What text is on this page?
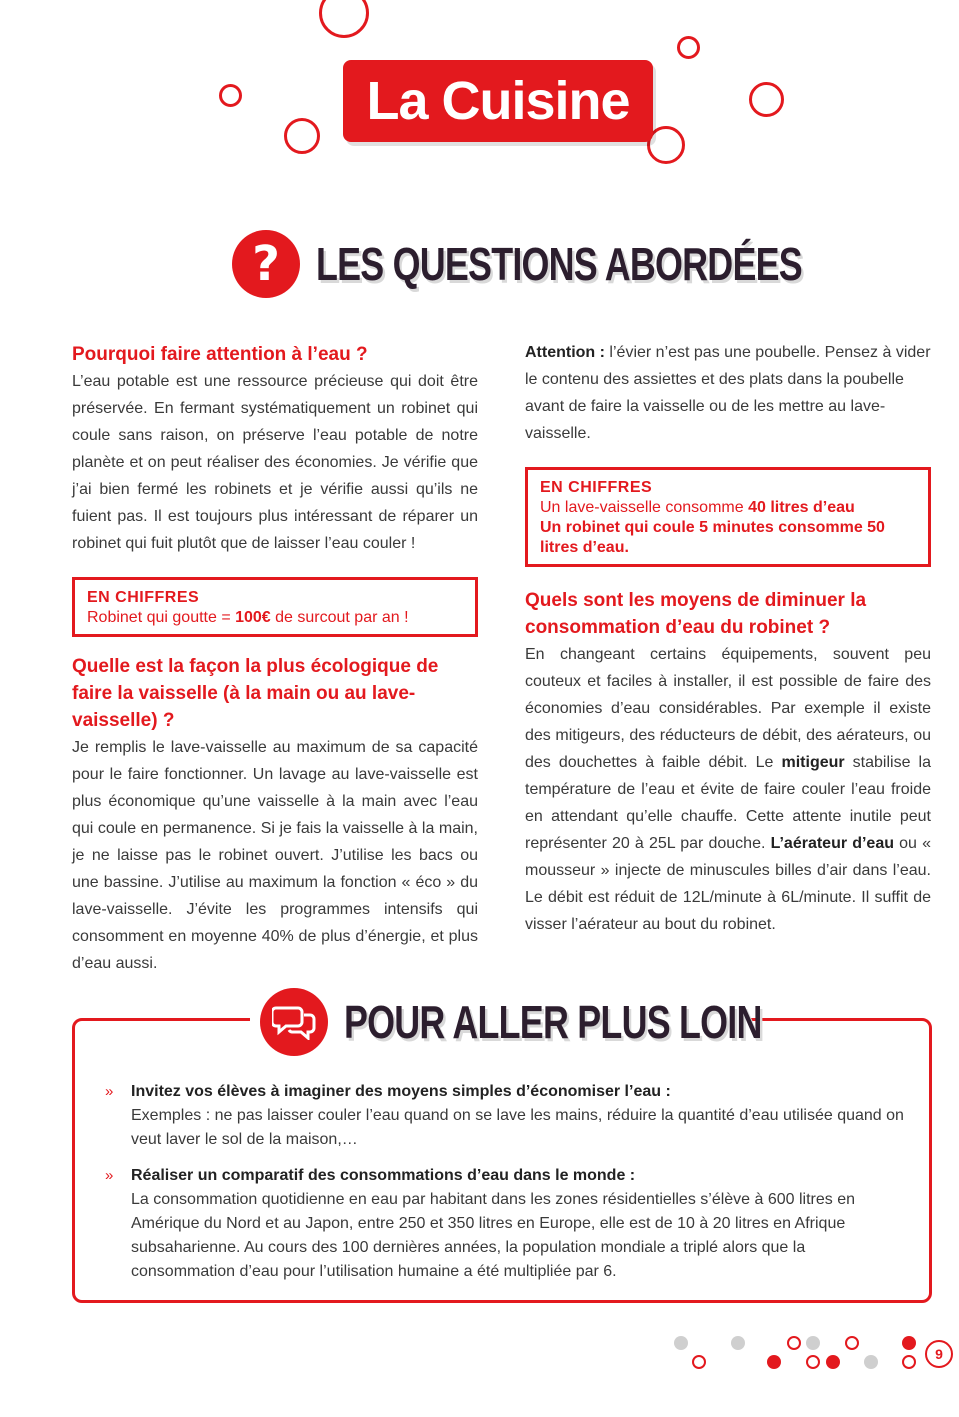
La Cuisine
? LES QUESTIONS ABORDÉES

Pourquoi faire attention à l’eau ?

L’eau potable est une ressource précieuse qui doit être préservée. En fermant systématiquement un robinet qui coule sans raison, on préserve l’eau potable de notre planète et on peut réaliser des économies. Je vérifie que j’ai bien fermé les robinets et je vérifie aussi qu’ils ne fuient pas. Il est toujours plus intéressant de réparer un robinet qui fuit plutôt que de laisser l’eau couler !

EN CHIFFRES
Robinet qui goutte = 100€ de surcout par an !

Quelle est la façon la plus écologique de faire la vaisselle (à la main ou au lave-vaisselle) ?

Je remplis le lave-vaisselle au maximum de sa capacité pour le faire fonctionner. Un lavage au lave-vaisselle est plus économique qu’une vaisselle à la main avec l’eau qui coule en permanence. Si je fais la vaisselle à la main, je ne laisse pas le robinet ouvert. J’utilise les bacs ou une bassine. J’utilise au maximum la fonction « éco » du lave-vaisselle. J’évite les programmes intensifs qui consomment en moyenne 40% de plus d’énergie, et plus d’eau aussi.

Attention : l’évier n’est pas une poubelle. Pensez à vider le contenu des assiettes et des plats dans la poubelle avant de faire la vaisselle ou de les mettre au lave-vaisselle.

EN CHIFFRES
Un lave-vaisselle consomme 40 litres d’eau
Un robinet qui coule 5 minutes consomme 50 litres d’eau.

Quels sont les moyens de diminuer la consommation d’eau du robinet ?

En changeant certains équipements, souvent peu couteux et faciles à installer, il est possible de faire des économies d’eau considérables. Par exemple il existe des mitigeurs, des réducteurs de débit, des aérateurs, ou des douchettes à faible débit. Le mitigeur stabilise la température de l’eau et évite de faire couler l’eau froide en attendant qu’elle chauffe. Cette attente inutile peut représenter 20 à 25L par douche. L’aérateur d’eau ou « mousseur » injecte de minuscules billes d’air dans l’eau. Le débit est réduit de 12L/minute à 6L/minute. Il suffit de visser l’aérateur au bout du robinet.

POUR ALLER PLUS LOIN
»	Invitez vos élèves à imaginer des moyens simples d’économiser l’eau :
Exemples : ne pas laisser couler l’eau quand on se lave les mains, réduire la quantité d’eau utilisée quand on veut laver le sol de la maison,…
»	Réaliser un comparatif des consommations d’eau dans le monde :
La consommation quotidienne en eau par habitant dans les zones résidentielles s’élève à 600 litres en Amérique du Nord et au Japon, entre 250 et 350 litres en Europe, elle est de 10 à 20 litres en Afrique subsaharienne. Au cours des 100 dernières années, la population mondiale a triplé alors que la consommation d’eau pour l’utilisation humaine a été multipliée par 6.
9
